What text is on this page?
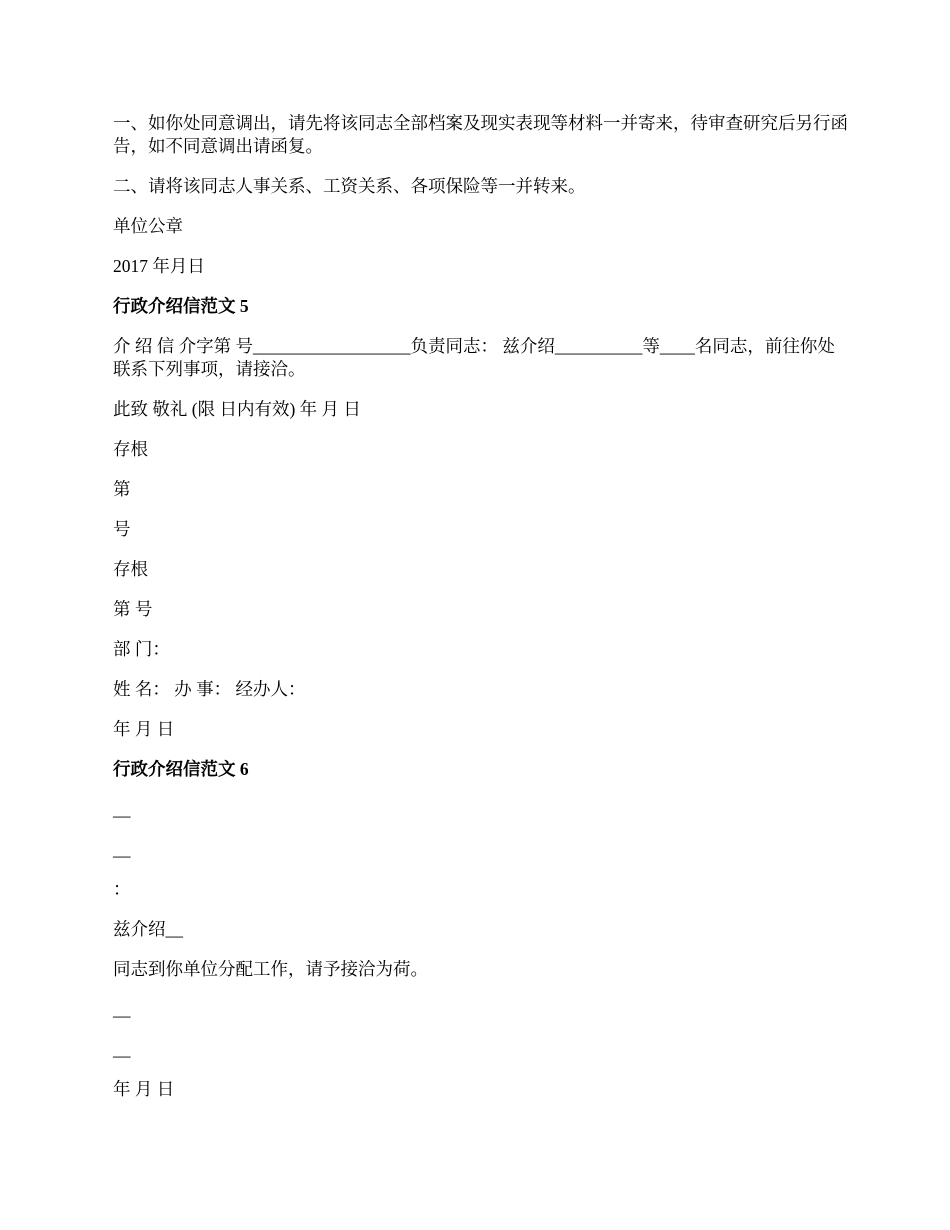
一、如你处同意调出，请先将该同志全部档案及现实表现等材料一并寄来，待审查研究后另行函告，如不同意调出请函复。

二、请将该同志人事关系、工资关系、各项保险等一并转来。

单位公章

2017 年月日

行政介绍信范文 5

介 绍 信 介字第 号__________________负责同志： 兹介绍__________等____名同志，前往你处联系下列事项，请接洽。

此致 敬礼 (限 日内有效) 年 月 日

存根

第

号

存根

第 号

部 门：

姓 名： 办 事： 经办人：

年 月 日

行政介绍信范文 6

__

__

：

兹介绍__

同志到你单位分配工作，请予接洽为荷。

__

__

年 月 日
